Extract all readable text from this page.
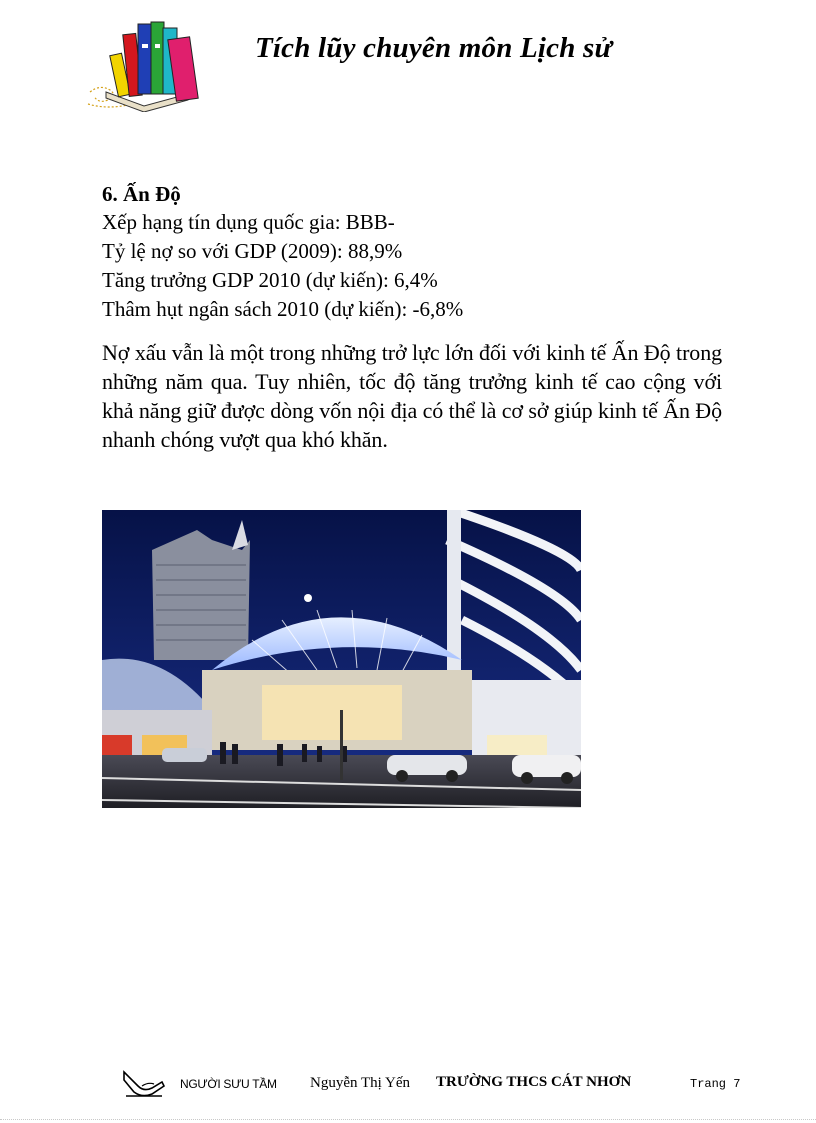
Tích lũy chuyên môn Lịch sử

6. Ấn Độ

Xếp hạng tín dụng quốc gia: BBB-

Tỷ lệ nợ so với GDP (2009): 88,9%

Tăng trưởng GDP 2010 (dự kiến): 6,4%

Thâm hụt ngân sách 2010 (dự kiến): -6,8%

Nợ xấu vẫn là một trong những trở lực lớn đối với kinh tế Ấn Độ trong những năm qua. Tuy nhiên, tốc độ tăng trưởng kinh tế cao cộng với khả năng giữ được dòng vốn nội địa có thể là cơ sở giúp kinh tế Ấn Độ nhanh chóng vượt qua khó khăn.

NGƯỜI SƯU TẦM Nguyễn Thị Yến TRƯỜNG THCS CÁT NHƠN	Trang 7
